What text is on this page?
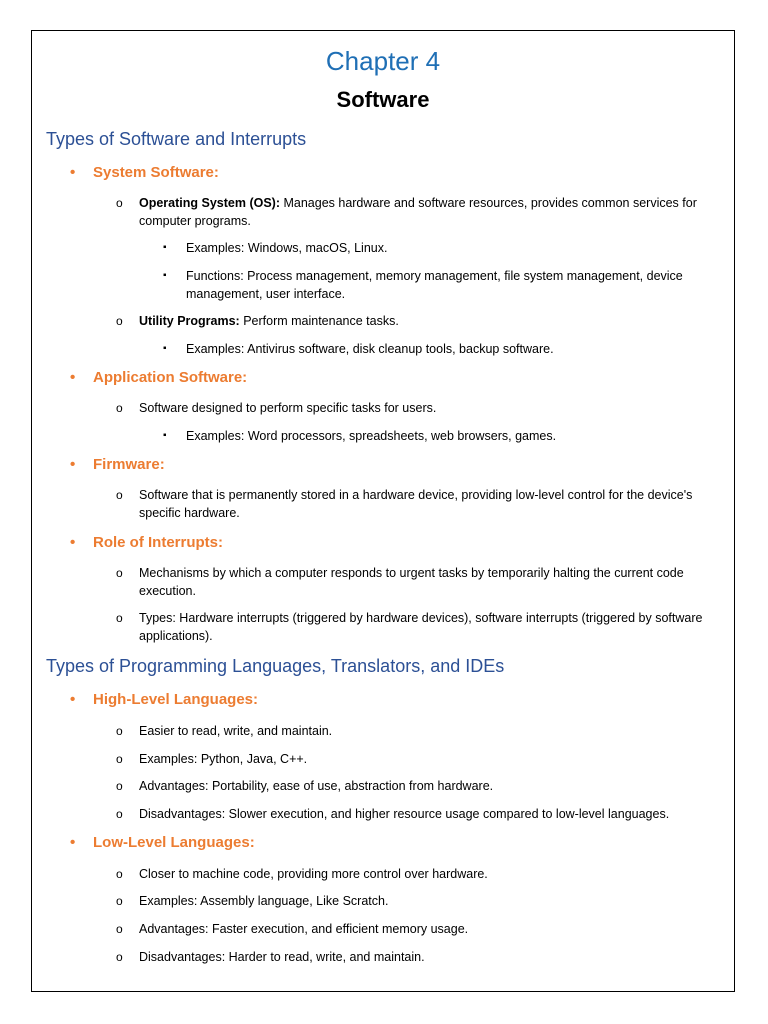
Chapter 4
Software
Types of Software and Interrupts
• System Software:
o Operating System (OS): Manages hardware and software resources, provides common services for computer programs.
▪ Examples: Windows, macOS, Linux.
▪ Functions: Process management, memory management, file system management, device management, user interface.
o Utility Programs: Perform maintenance tasks.
▪ Examples: Antivirus software, disk cleanup tools, backup software.
• Application Software:
o Software designed to perform specific tasks for users.
▪ Examples: Word processors, spreadsheets, web browsers, games.
• Firmware:
o Software that is permanently stored in a hardware device, providing low-level control for the device's specific hardware.
• Role of Interrupts:
o Mechanisms by which a computer responds to urgent tasks by temporarily halting the current code execution.
o Types: Hardware interrupts (triggered by hardware devices), software interrupts (triggered by software applications).
Types of Programming Languages, Translators, and IDEs
• High-Level Languages:
o Easier to read, write, and maintain.
o Examples: Python, Java, C++.
o Advantages: Portability, ease of use, abstraction from hardware.
o Disadvantages: Slower execution, and higher resource usage compared to low-level languages.
• Low-Level Languages:
o Closer to machine code, providing more control over hardware.
o Examples: Assembly language, Like Scratch.
o Advantages: Faster execution, and efficient memory usage.
o Disadvantages: Harder to read, write, and maintain.
